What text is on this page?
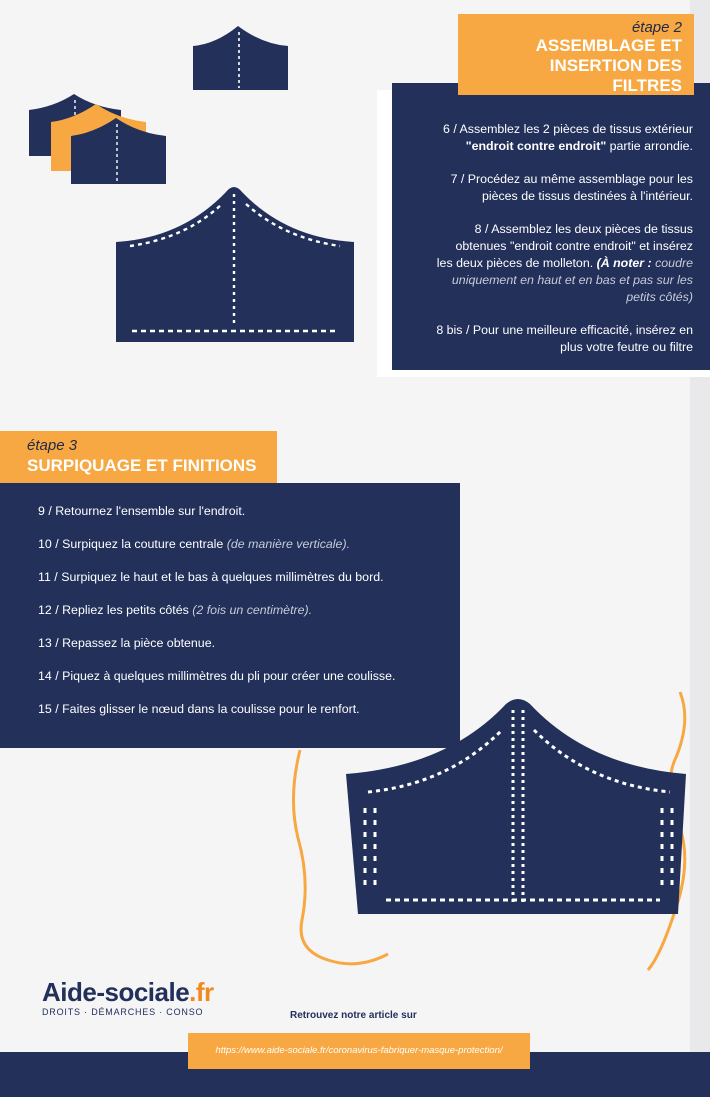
6 / Assemblez les 2 pièces de tissus extérieur
"endroit contre endroit" partie arrondie.

7 / Procédez au même assemblage pour les
pièces de tissus destinées à l'intérieur.

8 / Assemblez les deux pièces de tissus
obtenues "endroit contre endroit" et insérez
les deux pièces de molleton. (À noter : coudre
uniquement en haut et en bas et pas sur les
petits côtés)

8 bis / Pour une meilleure efficacité, insérez en
plus votre feutre ou filtre

étape 2
ASSEMBLAGE ET
INSERTION DES
FILTRES
étape 3
SURPIQUAGE ET FINITIONS
9 / Retournez l'ensemble sur l'endroit.
10 / Surpiquez la couture centrale (de manière verticale).
11 / Surpiquez le haut et le bas à quelques millimètres du bord.
12 / Repliez les petits côtés (2 fois un centimètre).
13 / Repassez la pièce obtenue.
14 / Piquez à quelques millimètres du pli pour créer une coulisse.
15 / Faites glisser le nœud dans la coulisse pour le renfort.
Aide-sociale.fr
DROITS · DÉMARCHES · CONSO	Retrouvez notre article sur
https://www.aide-sociale.fr/coronavirus-fabriquer-masque-protection/
